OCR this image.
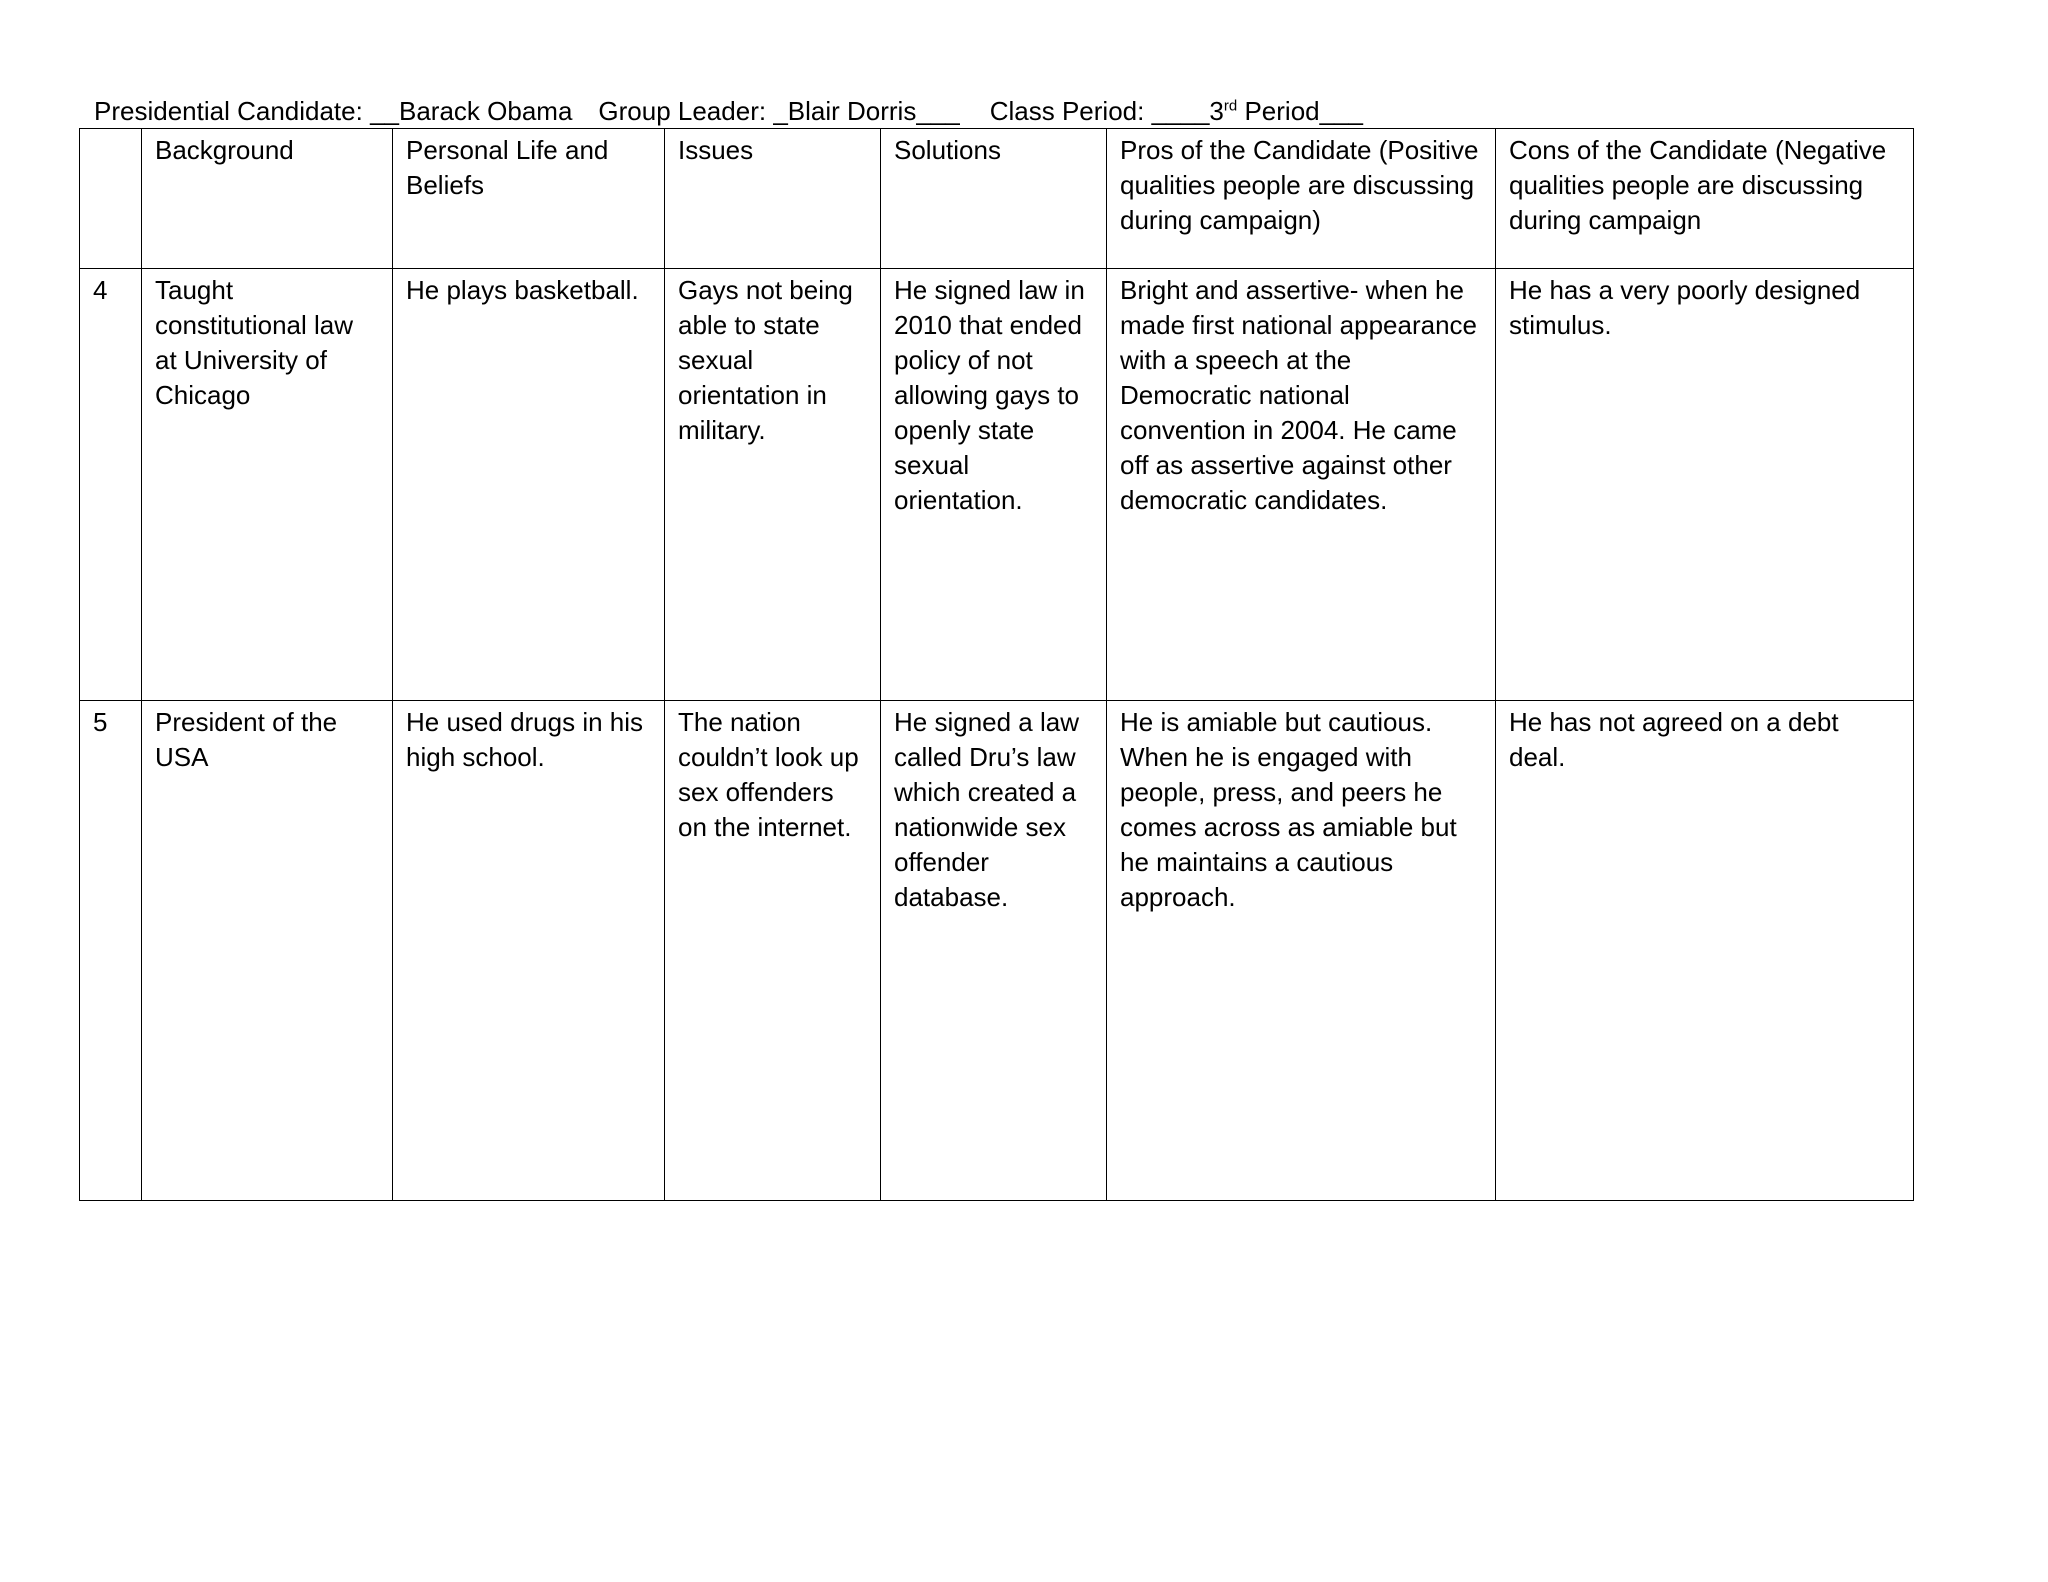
Presidential Candidate: __Barack Obama Group Leader: _Blair Dorris___ Class Period: ____3rd Period___
	Background	Personal Life and Beliefs	Issues	Solutions	Pros of the Candidate (Positive qualities people are discussing during campaign)	Cons of the Candidate (Negative qualities people are discussing during campaign
4	Taught constitutional law at University of Chicago	He plays basketball.	Gays not being able to state sexual orientation in military.	He signed law in 2010 that ended policy of not allowing gays to openly state sexual orientation.	Bright and assertive- when he made first national appearance with a speech at the Democratic national convention in 2004. He came off as assertive against other democratic candidates.	He has a very poorly designed stimulus.
5	President of the USA	He used drugs in his high school.	The nation couldn’t look up sex offenders on the internet.	He signed a law called Dru’s law which created a nationwide sex offender database.	He is amiable but cautious. When he is engaged with people, press, and peers he comes across as amiable but he maintains a cautious approach.	He has not agreed on a debt deal.
